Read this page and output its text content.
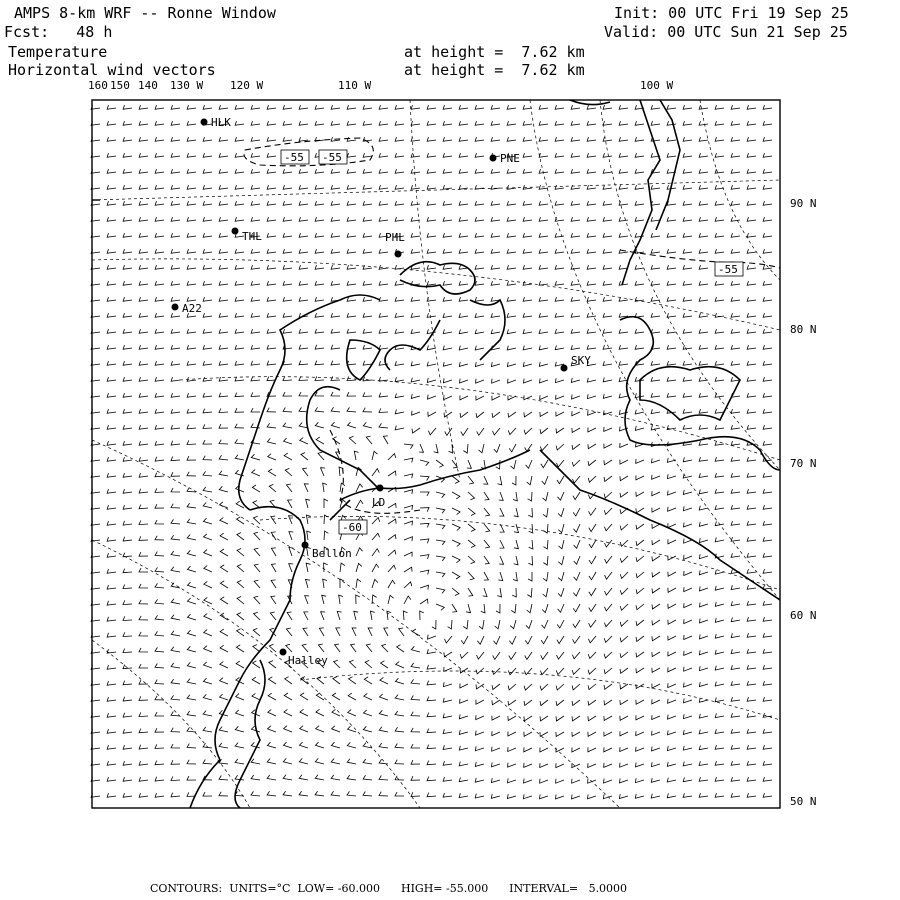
AMPS 8-km WRF -- Ronne Window	Init: 00 UTC Fri 19 Sep 25
Fcst:   48 h	Valid: 00 UTC Sun 21 Sep 25
Temperature
Horizontal wind vectors
at height =  7.62 km
at height =  7.62 km
-55 -55
-55
-60
HLK
PNE
THL	PHL
A22
SKY
LD
Bellon
Halley
160 150 140 130 W 120 W	110 W	100 W
90 N
80 N
70 N
60 N
50 N
CONTOURS:  UNITS=°C  LOW= -60.000      HIGH= -55.000      INTERVAL=   5.0000
